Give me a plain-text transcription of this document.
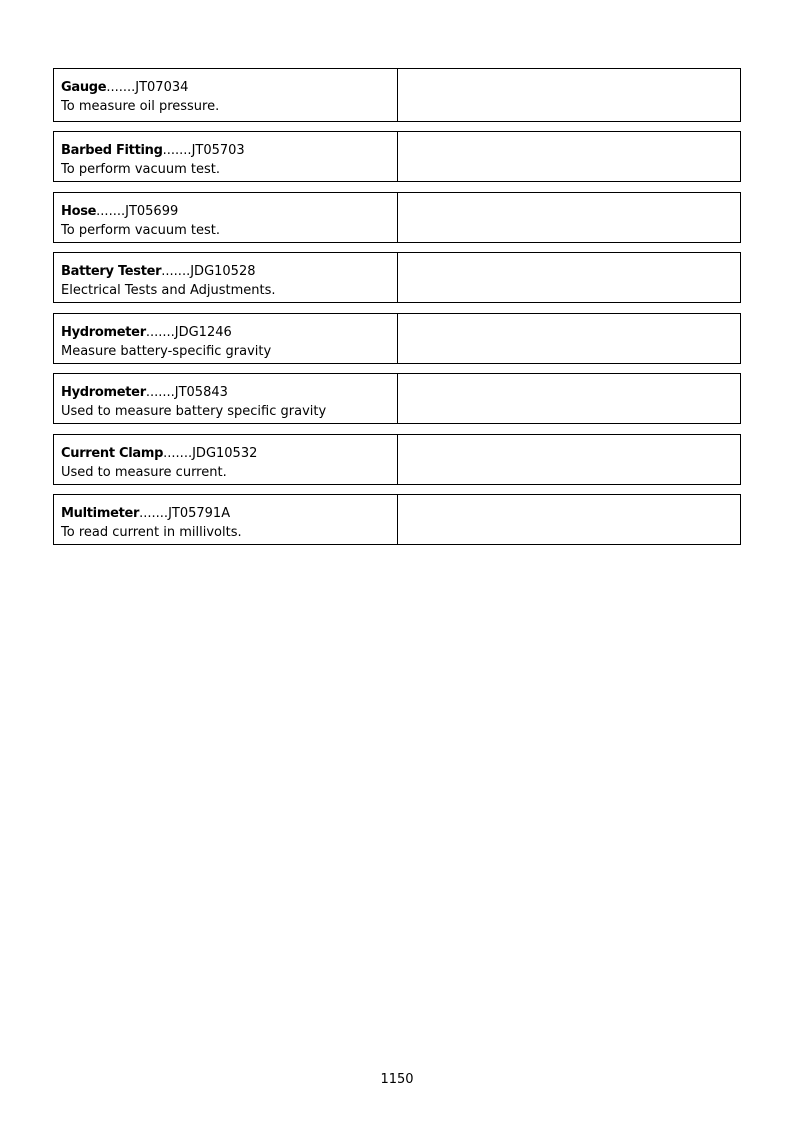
Gauge.......JT07034
To measure oil pressure.
Barbed Fitting.......JT05703
To perform vacuum test.
Hose.......JT05699
To perform vacuum test.
Battery Tester.......JDG10528
Electrical Tests and Adjustments.
Hydrometer.......JDG1246
Measure battery-specific gravity
Hydrometer.......JT05843
Used to measure battery specific gravity
Current Clamp.......JDG10532
Used to measure current.
Multimeter.......JT05791A
To read current in millivolts.
1150
